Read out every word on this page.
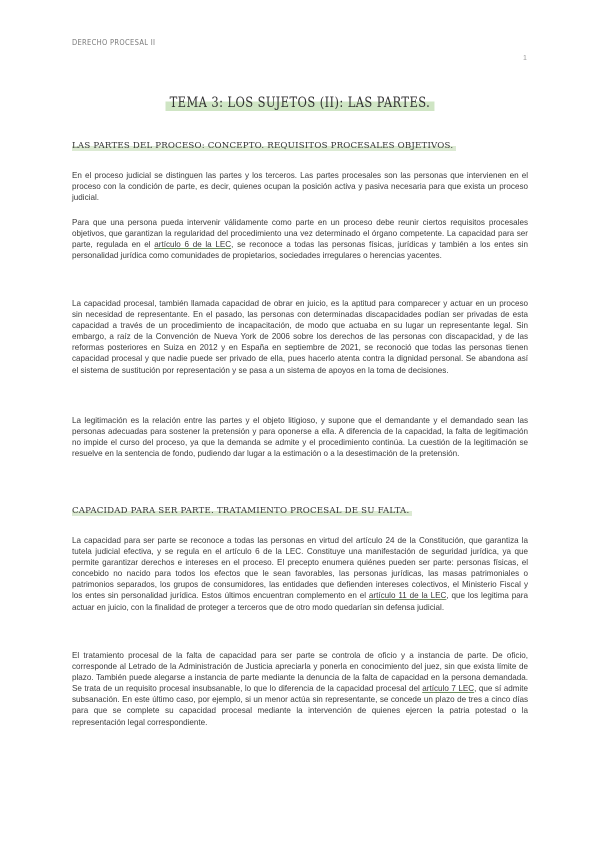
DERECHO PROCESAL II
1
TEMA 3: LOS SUJETOS (II): LAS PARTES.
LAS PARTES DEL PROCESO: CONCEPTO. REQUISITOS PROCESALES OBJETIVOS.

En el proceso judicial se distinguen las partes y los terceros. Las partes procesales son las personas que intervienen en el proceso con la condición de parte, es decir, quienes ocupan la posición activa y pasiva necesaria para que exista un proceso judicial.

Para que una persona pueda intervenir válidamente como parte en un proceso debe reunir ciertos requisitos procesales objetivos, que garantizan la regularidad del procedimiento una vez determinado el órgano competente. La capacidad para ser parte, regulada en el artículo 6 de la LEC, se reconoce a todas las personas físicas, jurídicas y también a los entes sin personalidad jurídica como comunidades de propietarios, sociedades irregulares o herencias yacentes.

La capacidad procesal, también llamada capacidad de obrar en juicio, es la aptitud para comparecer y actuar en un proceso sin necesidad de representante. En el pasado, las personas con determinadas discapacidades podían ser privadas de esta capacidad a través de un procedimiento de incapacitación, de modo que actuaba en su lugar un representante legal. Sin embargo, a raíz de la Convención de Nueva York de 2006 sobre los derechos de las personas con discapacidad, y de las reformas posteriores en Suiza en 2012 y en España en septiembre de 2021, se reconoció que todas las personas tienen capacidad procesal y que nadie puede ser privado de ella, pues hacerlo atenta contra la dignidad personal. Se abandona así el sistema de sustitución por representación y se pasa a un sistema de apoyos en la toma de decisiones.

La legitimación es la relación entre las partes y el objeto litigioso, y supone que el demandante y el demandado sean las personas adecuadas para sostener la pretensión y para oponerse a ella. A diferencia de la capacidad, la falta de legitimación no impide el curso del proceso, ya que la demanda se admite y el procedimiento continúa. La cuestión de la legitimación se resuelve en la sentencia de fondo, pudiendo dar lugar a la estimación o a la desestimación de la pretensión.

CAPACIDAD PARA SER PARTE. TRATAMIENTO PROCESAL DE SU FALTA.

La capacidad para ser parte se reconoce a todas las personas en virtud del artículo 24 de la Constitución, que garantiza la tutela judicial efectiva, y se regula en el artículo 6 de la LEC. Constituye una manifestación de seguridad jurídica, ya que permite garantizar derechos e intereses en el proceso. El precepto enumera quiénes pueden ser parte: personas físicas, el concebido no nacido para todos los efectos que le sean favorables, las personas jurídicas, las masas patrimoniales o patrimonios separados, los grupos de consumidores, las entidades que defienden intereses colectivos, el Ministerio Fiscal y los entes sin personalidad jurídica. Estos últimos encuentran complemento en el artículo 11 de la LEC, que los legitima para actuar en juicio, con la finalidad de proteger a terceros que de otro modo quedarían sin defensa judicial.

El tratamiento procesal de la falta de capacidad para ser parte se controla de oficio y a instancia de parte. De oficio, corresponde al Letrado de la Administración de Justicia apreciarla y ponerla en conocimiento del juez, sin que exista límite de plazo. También puede alegarse a instancia de parte mediante la denuncia de la falta de capacidad en la persona demandada. Se trata de un requisito procesal insubsanable, lo que lo diferencia de la capacidad procesal del artículo 7 LEC, que sí admite subsanación. En este último caso, por ejemplo, si un menor actúa sin representante, se concede un plazo de tres a cinco días para que se complete su capacidad procesal mediante la intervención de quienes ejercen la patria potestad o la representación legal correspondiente.
